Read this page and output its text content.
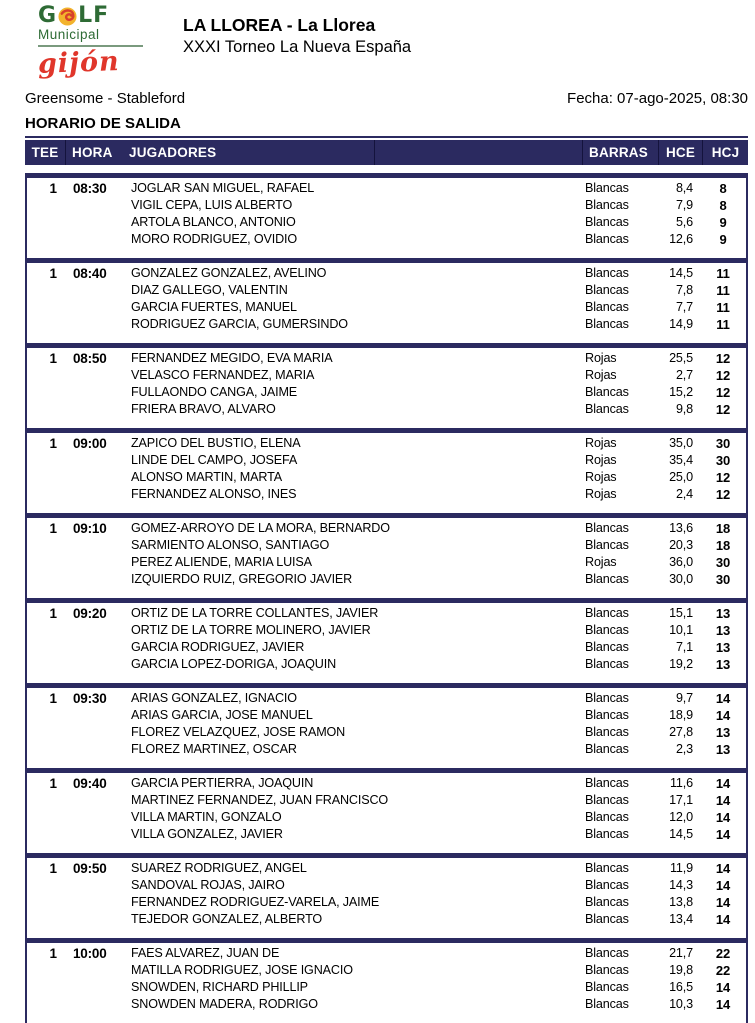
G LF
Municipal
gijón
LA LLOREA - La Llorea
XXXI Torneo La Nueva España
Greensome - Stableford	Fecha: 07-ago-2025, 08:30
HORARIO DE SALIDA
TEE	HORA	JUGADORES	BARRAS	HCE	HCJ
1	08:30	JOGLAR SAN MIGUEL, RAFAEL	Blancas	8,4	8
VIGIL CEPA, LUIS ALBERTO	Blancas	7,9	8
ARTOLA BLANCO, ANTONIO	Blancas	5,6	9
MORO RODRIGUEZ, OVIDIO	Blancas	12,6	9
1	08:40	GONZALEZ GONZALEZ, AVELINO	Blancas	14,5	11
DIAZ GALLEGO, VALENTIN	Blancas	7,8	11
GARCIA FUERTES, MANUEL	Blancas	7,7	11
RODRIGUEZ GARCIA, GUMERSINDO	Blancas	14,9	11
1	08:50	FERNANDEZ MEGIDO, EVA MARIA	Rojas	25,5	12
VELASCO FERNANDEZ, MARIA	Rojas	2,7	12
FULLAONDO CANGA, JAIME	Blancas	15,2	12
FRIERA BRAVO, ALVARO	Blancas	9,8	12
1	09:00	ZAPICO DEL BUSTIO, ELENA	Rojas	35,0	30
LINDE DEL CAMPO, JOSEFA	Rojas	35,4	30
ALONSO MARTIN, MARTA	Rojas	25,0	12
FERNANDEZ ALONSO, INES	Rojas	2,4	12
1	09:10	GOMEZ-ARROYO DE LA MORA, BERNARDO	Blancas	13,6	18
SARMIENTO ALONSO, SANTIAGO	Blancas	20,3	18
PEREZ ALIENDE, MARIA LUISA	Rojas	36,0	30
IZQUIERDO RUIZ, GREGORIO JAVIER	Blancas	30,0	30
1	09:20	ORTIZ DE LA TORRE COLLANTES, JAVIER	Blancas	15,1	13
ORTIZ DE LA TORRE MOLINERO, JAVIER	Blancas	10,1	13
GARCIA RODRIGUEZ, JAVIER	Blancas	7,1	13
GARCIA LOPEZ-DORIGA, JOAQUIN	Blancas	19,2	13
1	09:30	ARIAS GONZALEZ, IGNACIO	Blancas	9,7	14
ARIAS GARCIA, JOSE MANUEL	Blancas	18,9	14
FLOREZ VELAZQUEZ, JOSE RAMON	Blancas	27,8	13
FLOREZ MARTINEZ, OSCAR	Blancas	2,3	13
1	09:40	GARCIA PERTIERRA, JOAQUIN	Blancas	11,6	14
MARTINEZ FERNANDEZ, JUAN FRANCISCO	Blancas	17,1	14
VILLA MARTIN, GONZALO	Blancas	12,0	14
VILLA GONZALEZ, JAVIER	Blancas	14,5	14
1	09:50	SUAREZ RODRIGUEZ, ANGEL	Blancas	11,9	14
SANDOVAL ROJAS, JAIRO	Blancas	14,3	14
FERNANDEZ RODRIGUEZ-VARELA, JAIME	Blancas	13,8	14
TEJEDOR GONZALEZ, ALBERTO	Blancas	13,4	14
1	10:00	FAES ALVAREZ, JUAN DE	Blancas	21,7	22
MATILLA RODRIGUEZ, JOSE IGNACIO	Blancas	19,8	22
SNOWDEN, RICHARD PHILLIP	Blancas	16,5	14
SNOWDEN MADERA, RODRIGO	Blancas	10,3	14
